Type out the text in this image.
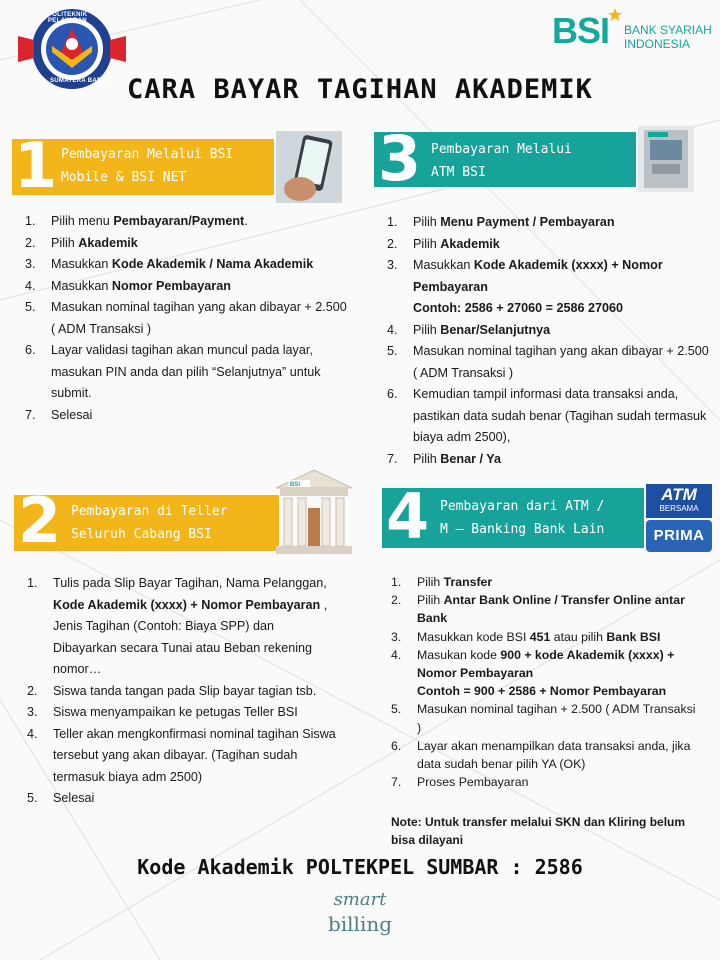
POLITEKNIK PELAYARAN
SUMATERA BARAT
BSI BANK SYARIAH
INDONESIA
CARA BAYAR TAGIHAN AKADEMIK
1 Pembayaran Melalui BSI
Mobile & BSI NET	3 Pembayaran Melalui
ATM BSI
1. Pilih menu Pembayaran/Payment.
2. Pilih Akademik
3. Masukkan Kode Akademik / Nama Akademik
4. Masukkan Nomor Pembayaran
5. Masukan nominal tagihan yang akan dibayar + 2.500 ( ADM Transaksi )
6. Layar validasi tagihan akan muncul pada layar, masukan PIN anda dan pilih “Selanjutnya” untuk submit.
7. Selesai
1. Pilih Menu Payment / Pembayaran
2. Pilih Akademik
3. Masukkan Kode Akademik (xxxx) + Nomor Pembayaran
Contoh: 2586 + 27060 = 2586 27060
4. Pilih Benar/Selanjutnya
5. Masukan nominal tagihan yang akan dibayar + 2.500 ( ADM Transaksi )
6. Kemudian tampil informasi data transaksi anda, pastikan data sudah benar (Tagihan sudah termasuk biaya adm 2500),
7. Pilih Benar / Ya
2 Pembayaran di Teller
Seluruh Cabang BSI
BSI 4 Pembayaran dari ATM /
M – Banking Bank Lain
ATM
BERSAMA
PRIMA
1. Tulis pada Slip Bayar Tagihan, Nama Pelanggan, Kode Akademik (xxxx) + Nomor Pembayaran , Jenis Tagihan (Contoh: Biaya SPP) dan Dibayarkan secara Tunai atau Beban rekening nomor…
2. Siswa tanda tangan pada Slip bayar tagian tsb.
3. Siswa menyampaikan ke petugas Teller BSI
4. Teller akan mengkonfirmasi nominal tagihan Siswa tersebut yang akan dibayar. (Tagihan sudah termasuk biaya adm 2500)
5. Selesai
1. Pilih Transfer
2. Pilih Antar Bank Online / Transfer Online antar Bank
3. Masukkan kode BSI 451 atau pilih Bank BSI
4. Masukan kode 900 + kode Akademik (xxxx) + Nomor Pembayaran
Contoh = 900 + 2586 + Nomor Pembayaran
5. Masukan nominal tagihan + 2.500 ( ADM Transaksi )
6. Layar akan menampilkan data transaksi anda, jika data sudah benar pilih YA (OK)
7. Proses Pembayaran
Note: Untuk transfer melalui SKN dan Kliring belum bisa dilayani
Kode Akademik POLTEKPEL SUMBAR : 2586
smart
billing
